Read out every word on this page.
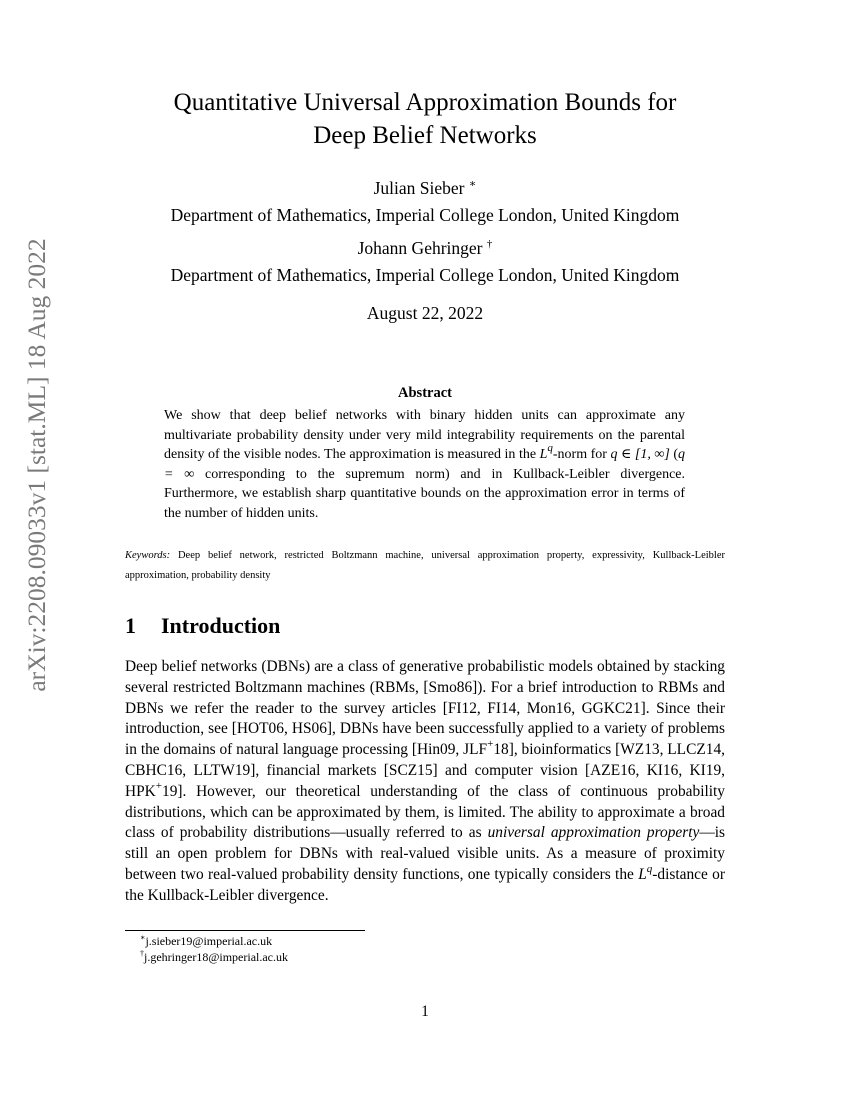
arXiv:2208.09033v1 [stat.ML] 18 Aug 2022
Quantitative Universal Approximation Bounds for
Deep Belief Networks
Julian Sieber ∗
Department of Mathematics, Imperial College London, United Kingdom
Johann Gehringer †
Department of Mathematics, Imperial College London, United Kingdom
August 22, 2022
Abstract
We show that deep belief networks with binary hidden units can approximate any multivariate probability density under very mild integrability requirements on the parental density of the visible nodes. The approximation is measured in the $L^q$-norm for q ∈ [1, ∞] (q = ∞ corresponding to the supremum norm) and in Kullback-Leibler divergence. Furthermore, we establish sharp quantitative bounds on the approximation error in terms of the number of hidden units.
Keywords: Deep belief network, restricted Boltzmann machine, universal approximation property, expressivity, Kullback-Leibler approximation, probability density
1 Introduction
Deep belief networks (DBNs) are a class of generative probabilistic models obtained by stacking several restricted Boltzmann machines (RBMs, [Smo86]). For a brief introduction to RBMs and DBNs we refer the reader to the survey articles [FI12, FI14, Mon16, GGKC21]. Since their introduction, see [HOT06, HS06], DBNs have been successfully applied to a variety of problems in the domains of natural language processing [Hin09, JLF+18], bioinformatics [WZ13, LLCZ14, CBHC16, LLTW19], financial markets [SCZ15] and computer vision [AZE16, KI16, KI19, HPK+19]. However, our theoretical understanding of the class of continuous probability distributions, which can be approximated by them, is limited. The ability to approximate a broad class of probability distributions—usually referred to as universal approximation property—is still an open problem for DBNs with real-valued visible units. As a measure of proximity between two real-valued probability density functions, one typically considers the $L^q$-distance or the Kullback-Leibler divergence.
∗j.sieber19@imperial.ac.uk
†j.gehringer18@imperial.ac.uk
1
